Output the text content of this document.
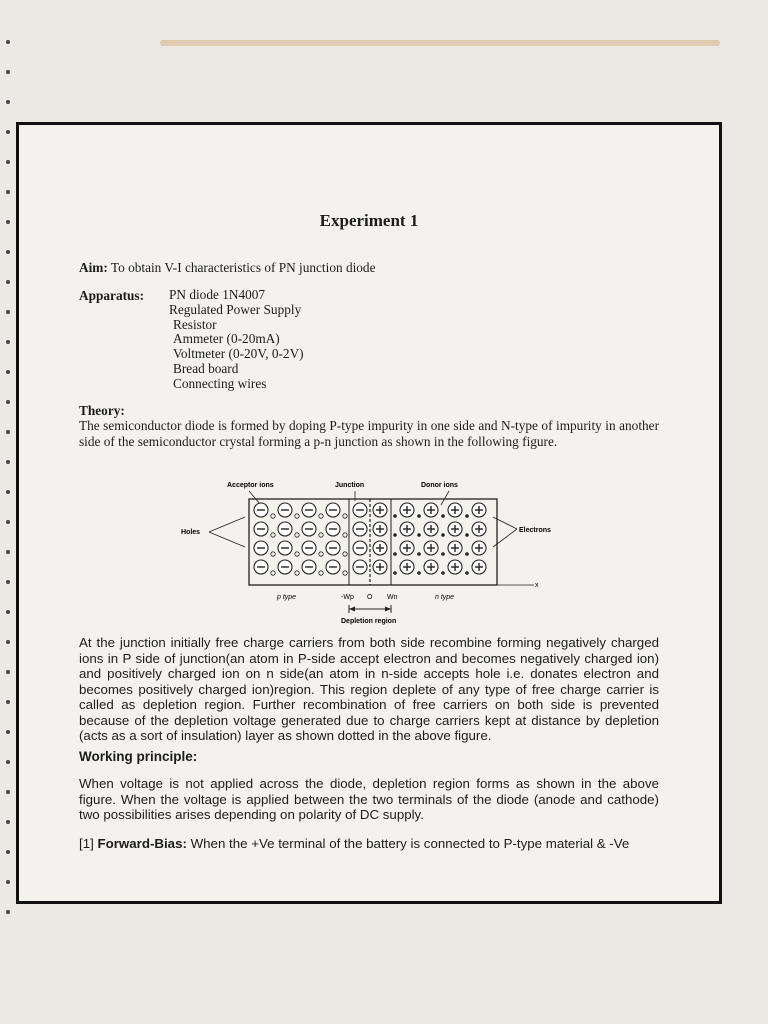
Experiment 1
Aim: To obtain V-I characteristics of PN junction diode
Apparatus: PN diode 1N4007
Regulated Power Supply
Resistor
Ammeter (0-20mA)
Voltmeter (0-20V, 0-2V)
Bread board
Connecting wires
Theory:

The semiconductor diode is formed by doping P-type impurity in one side and N-type of impurity in another side of the semiconductor crystal forming a p-n junction as shown in the following figure.

Acceptor ions	Junction	Donor ions
Holes	Electrons
x
p type	-Wp O Wn	n type
Depletion region

At the junction initially free charge carriers from both side recombine forming negatively charged ions in P side of junction(an atom in P-side accept electron and becomes negatively charged ion) and positively charged ion on n side(an atom in n-side accepts hole i.e. donates electron and becomes positively charged ion)region. This region deplete of any type of free charge carrier is called as depletion region. Further recombination of free carriers on both side is prevented because of the depletion voltage generated due to charge carriers kept at distance by depletion (acts as a sort of insulation) layer as shown dotted in the above figure.

Working principle:

When voltage is not applied across the diode, depletion region forms as shown in the above figure. When the voltage is applied between the two terminals of the diode (anode and cathode) two possibilities arises depending on polarity of DC supply.

[1] Forward-Bias: When the +Ve terminal of the battery is connected to P-type material & -Ve
